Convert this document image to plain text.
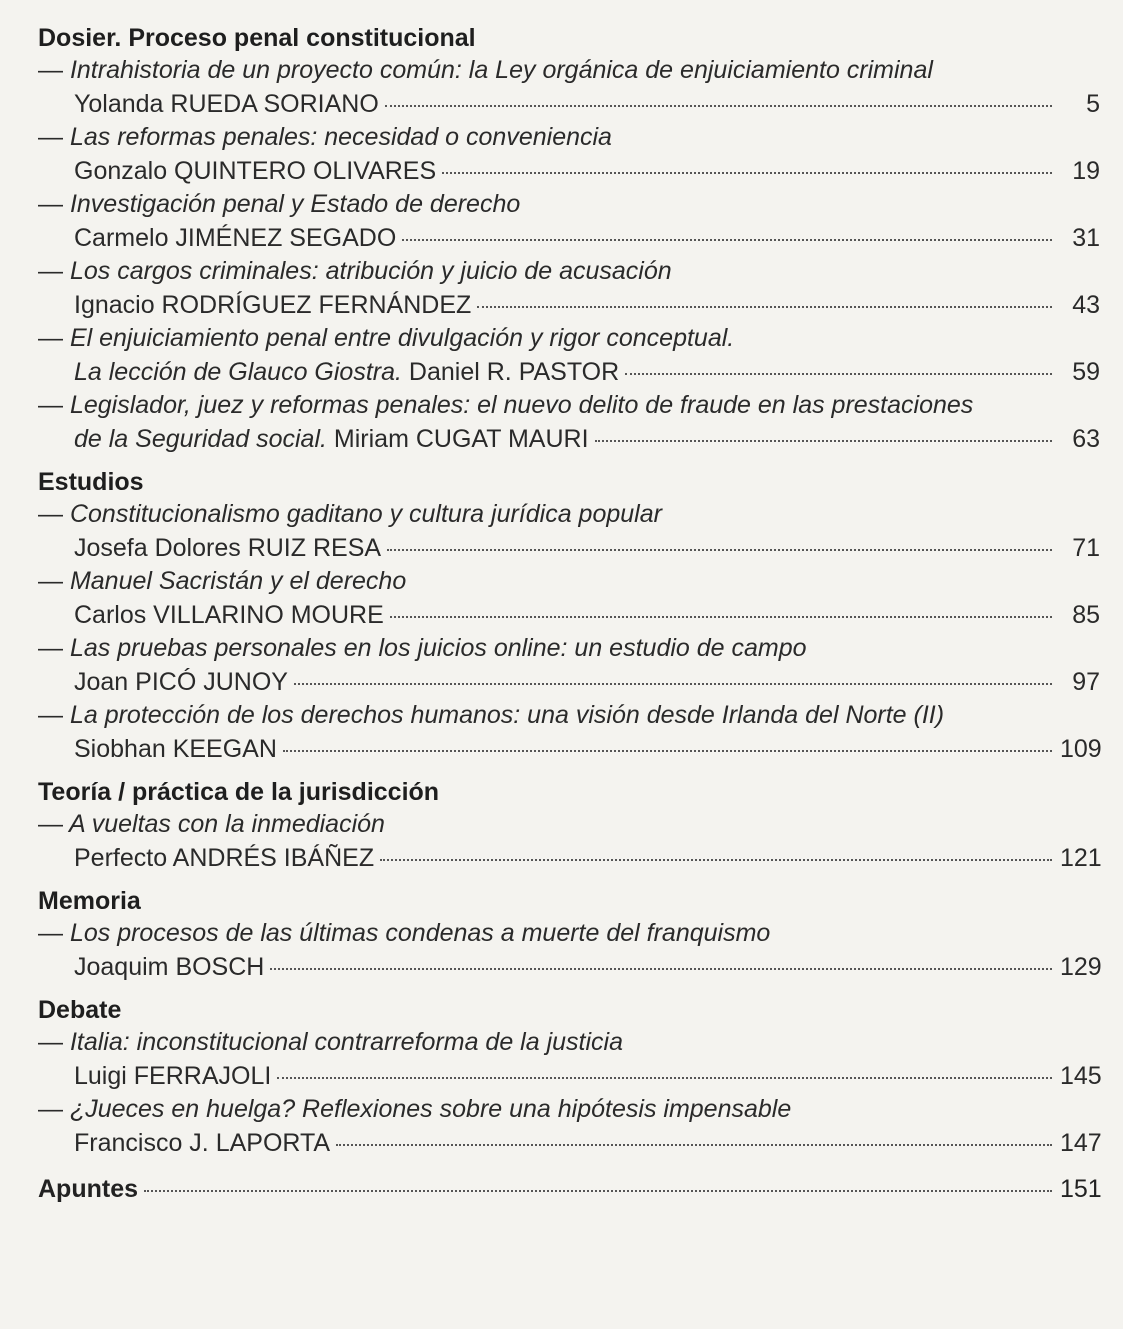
Dosier. Proceso penal constitucional
— Intrahistoria de un proyecto común: la Ley orgánica de enjuiciamiento criminal
Yolanda RUEDA SORIANO	5
— Las reformas penales: necesidad o conveniencia
Gonzalo QUINTERO OLIVARES	19
— Investigación penal y Estado de derecho
Carmelo JIMÉNEZ SEGADO	31
— Los cargos criminales: atribución y juicio de acusación
Ignacio RODRÍGUEZ FERNÁNDEZ	43
— El enjuiciamiento penal entre divulgación y rigor conceptual.
La lección de Glauco Giostra. Daniel R. PASTOR	59
— Legislador, juez y reformas penales: el nuevo delito de fraude en las prestaciones
de la Seguridad social. Miriam CUGAT MAURI	63
Estudios
— Constitucionalismo gaditano y cultura jurídica popular
Josefa Dolores RUIZ RESA	71
— Manuel Sacristán y el derecho
Carlos VILLARINO MOURE	85
— Las pruebas personales en los juicios online: un estudio de campo
Joan PICÓ JUNOY	97
— La protección de los derechos humanos: una visión desde Irlanda del Norte (II)
Siobhan KEEGAN	109
Teoría / práctica de la jurisdicción
— A vueltas con la inmediación
Perfecto ANDRÉS IBÁÑEZ	121
Memoria
— Los procesos de las últimas condenas a muerte del franquismo
Joaquim BOSCH	129
Debate
— Italia: inconstitucional contrarreforma de la justicia
Luigi FERRAJOLI	145
— ¿Jueces en huelga? Reflexiones sobre una hipótesis impensable
Francisco J. LAPORTA	147
Apuntes	151
